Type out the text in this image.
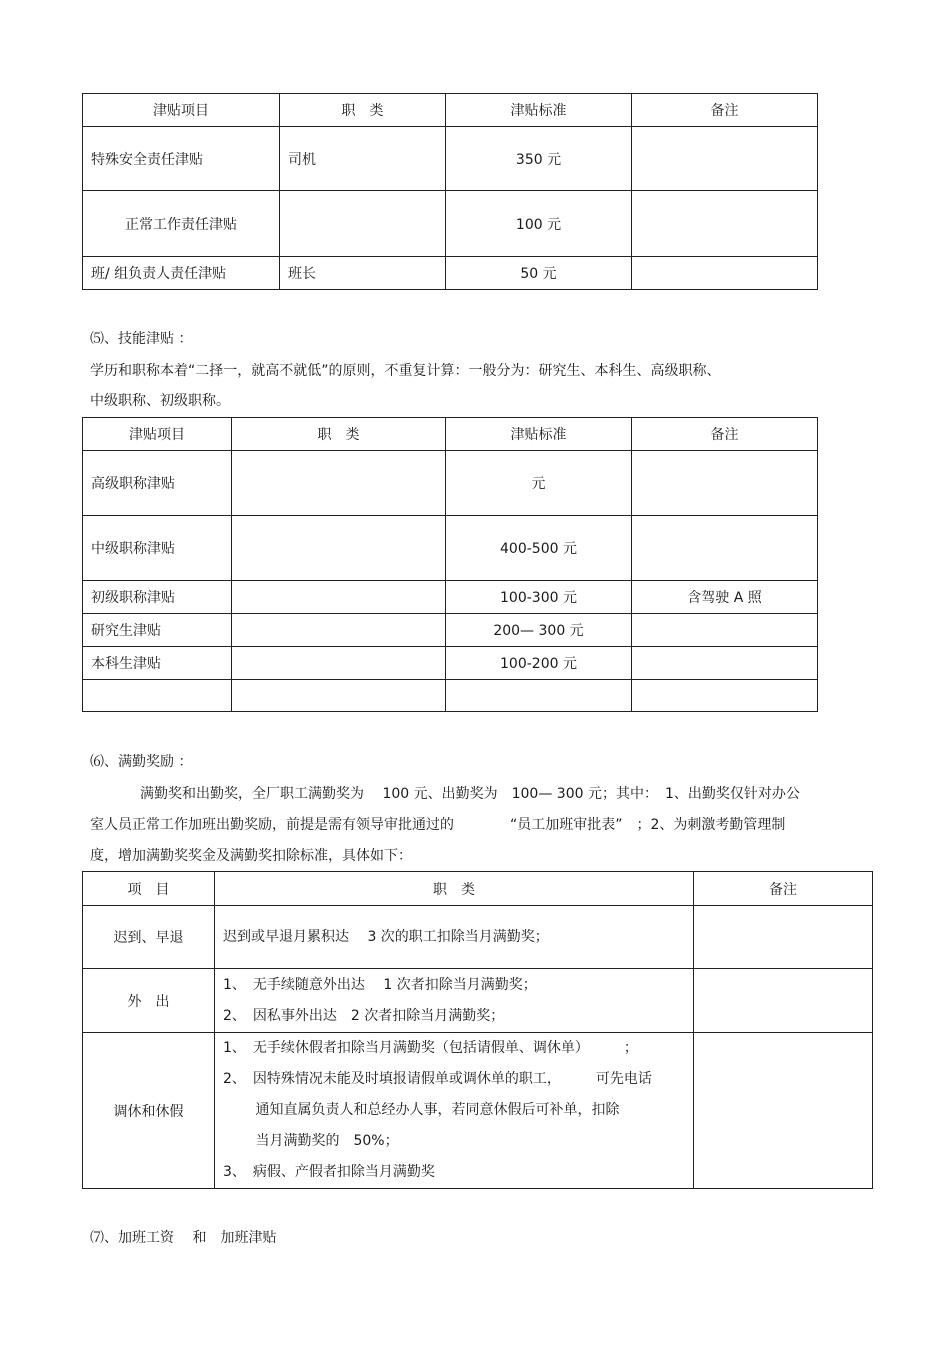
津贴项目	职　类	津贴标准	备注
特殊安全责任津贴	司机	350 元	
正常工作责任津贴		100 元	
班/ 组负责人责任津贴	班长	50 元	
⑸、技能津贴 ：
学历和职称本着“二择一，就高不就低”的原则，不重复计算：一般分为：研究生、本科生、高级职称、
中级职称、初级职称。
津贴项目	职　类	津贴标准	备注
高级职称津贴		元	
中级职称津贴		400-500 元	
初级职称津贴		100-300 元	含驾驶 A 照
研究生津贴		200— 300 元	
本科生津贴		100-200 元	

⑹、满勤奖励 ：
满勤奖和出勤奖，全厂职工满勤奖为　 100 元、出勤奖为　100— 300 元；其中：　1、出勤奖仅针对办公
室人员正常工作加班出勤奖励，前提是需有领导审批通过的　　　　“员工加班审批表”　；2、为刺激考勤管理制
度，增加满勤奖奖金及满勤奖扣除标准，具体如下：
项　目	职　类	备注
迟到、早退	迟到或早退月累积达　 3 次的职工扣除当月满勤奖；	

外　出	1、　无手续随意外出达　 1 次者扣除当月满勤奖；
2、　因私事外出达　2 次者扣除当月满勤奖；	

调休和休假	1、　无手续休假者扣除当月满勤奖（包括请假单、调休单）　　　；
2、　因特殊情况未能及时填报请假单或调休单的职工，　　　可先电话
　　 通知直属负责人和总经办人事，若同意休假后可补单，扣除
　　 当月满勤奖的　50%；
3、　病假、产假者扣除当月满勤奖	

⑺、加班工资　 和　加班津贴
